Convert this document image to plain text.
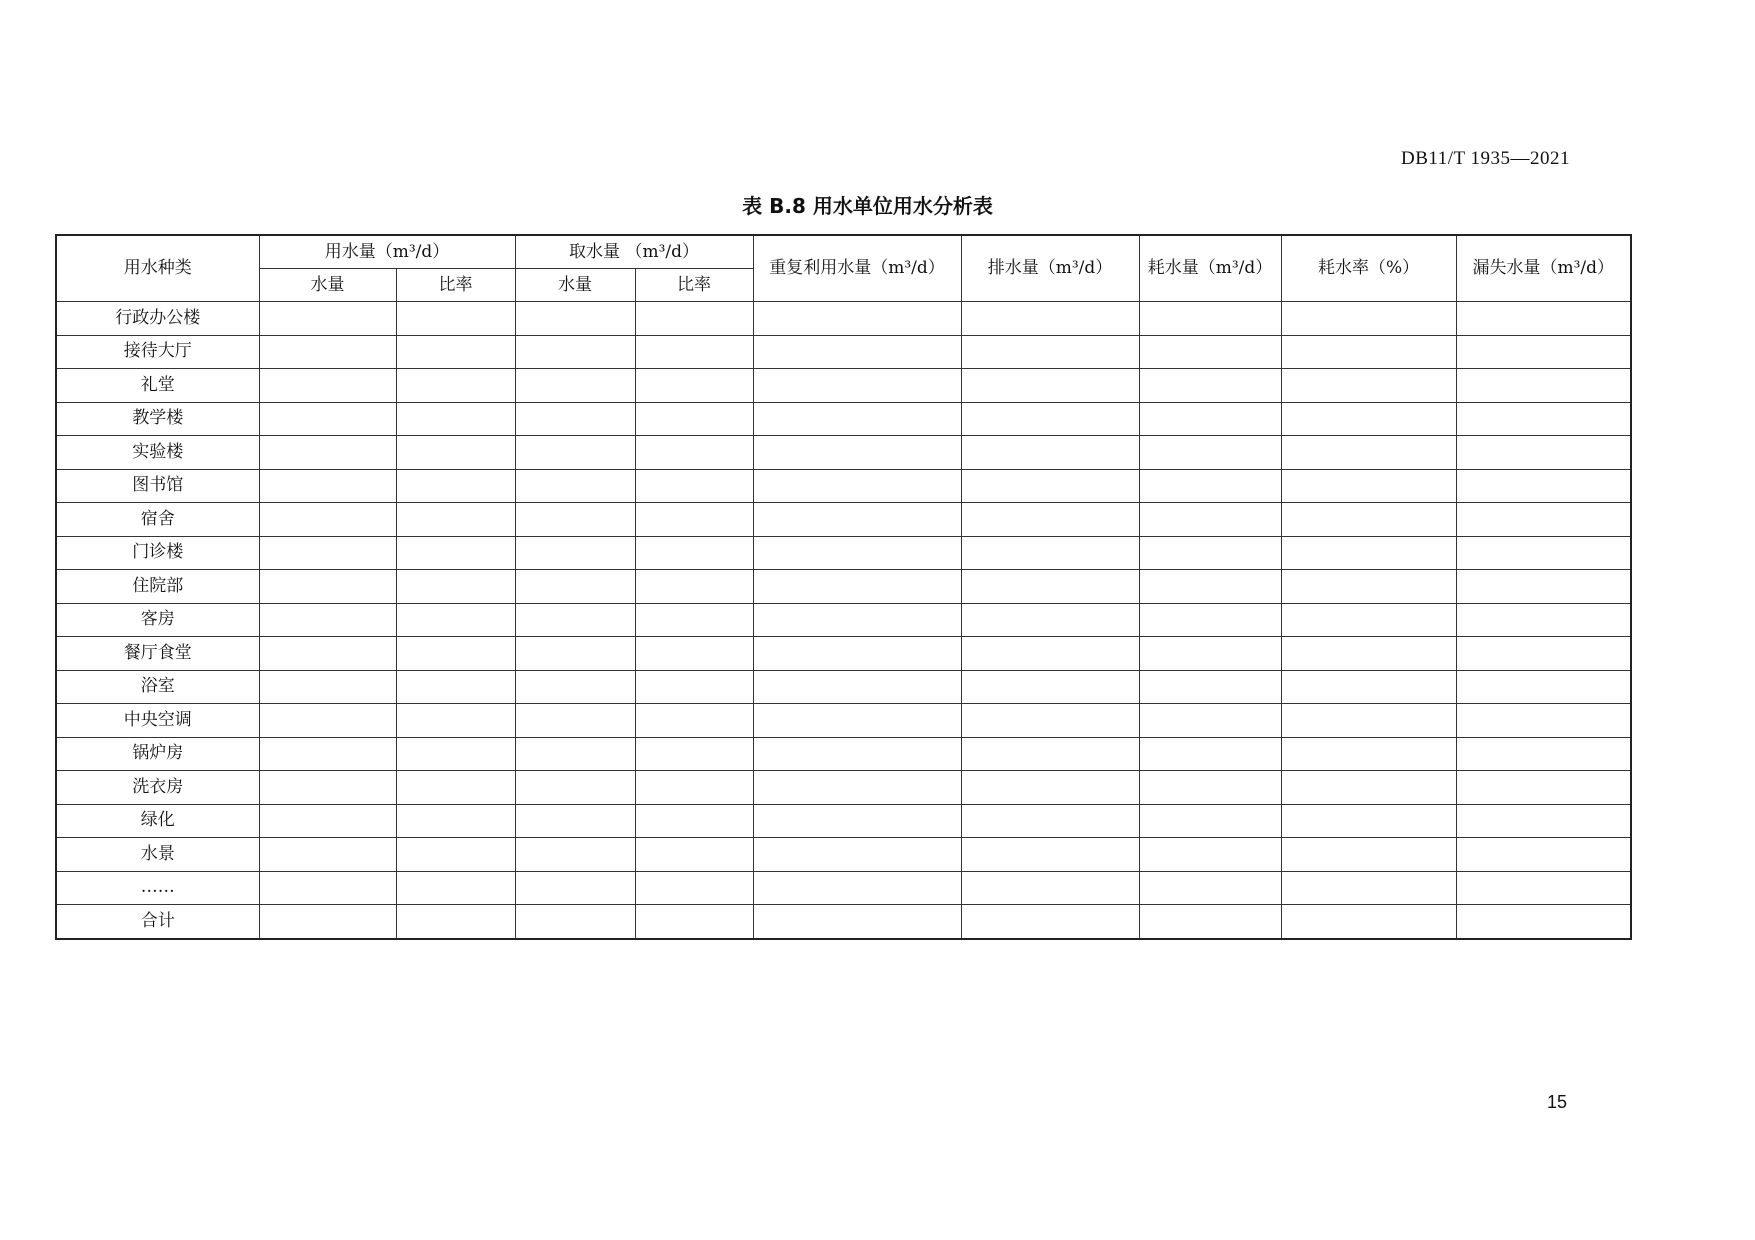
DB11/T 1935—2021
表 B.8 用水单位用水分析表
用水种类	用水量（m³/d）		取水量 （m³/d）		重复利用水量（m³/d）	排水量（m³/d）	耗水量（m³/d）	耗水率（%）	漏失水量（m³/d）
	水量	比率	水量	比率					
行政办公楼									
接待大厅									
礼堂									
教学楼									
实验楼									
图书馆									
宿舍									
门诊楼									
住院部									
客房									
餐厅食堂									
浴室									
中央空调									
锅炉房									
洗衣房									
绿化									
水景									
……									
合计									
15
